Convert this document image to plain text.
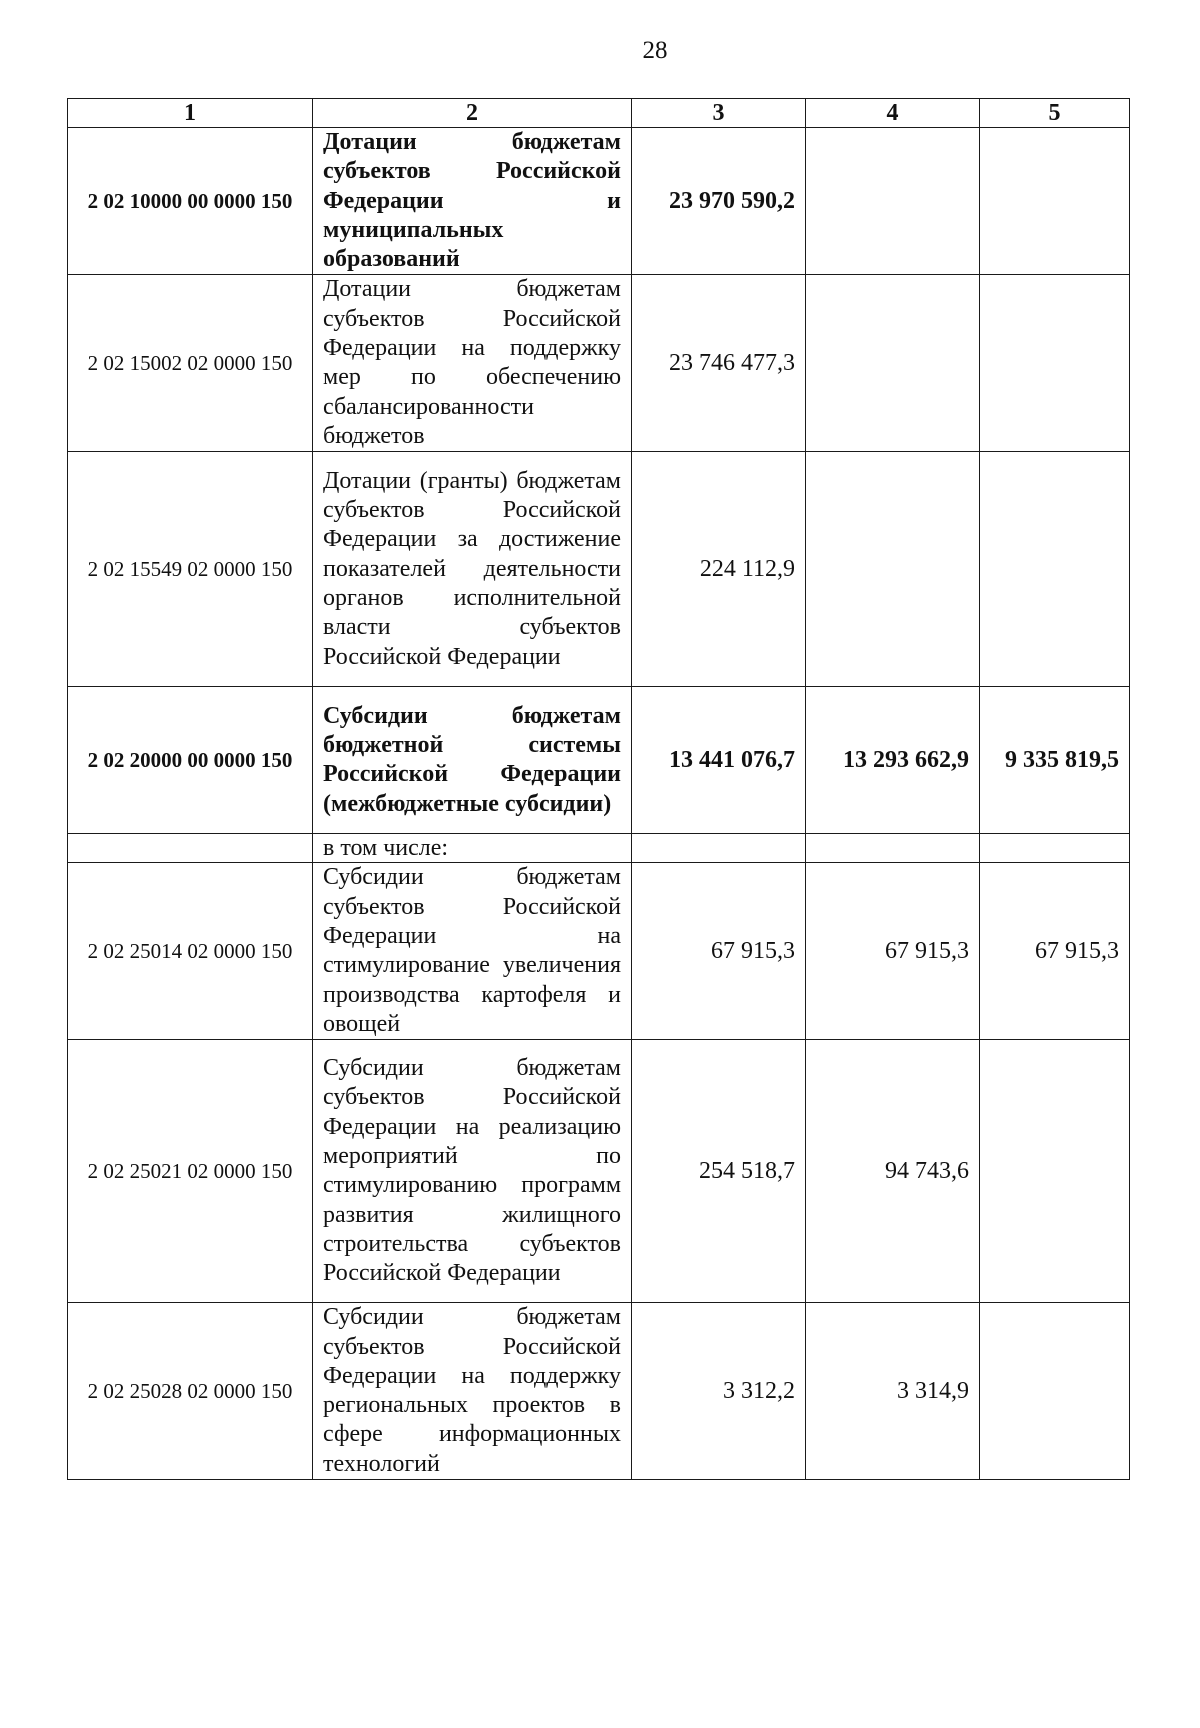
28
1	2	3	4	5
2 02 10000 00 0000 150	Дотации бюджетам субъектов Российской Федерации и муниципальных образований	23 970 590,2		
2 02 15002 02 0000 150	Дотации бюджетам субъектов Российской Федерации на поддержку мер по обеспечению сбалансированности бюджетов	23 746 477,3		
2 02 15549 02 0000 150	Дотации (гранты) бюджетам субъектов Российской Федерации за достижение показателей деятельности органов исполнительной власти субъектов Российской Федерации	224 112,9		
2 02 20000 00 0000 150	Субсидии бюджетам бюджетной системы Российской Федерации (межбюджетные субсидии)	13 441 076,7	13 293 662,9	9 335 819,5
	в том числе:			
2 02 25014 02 0000 150	Субсидии бюджетам субъектов Российской Федерации на стимулирование увеличения производства картофеля и овощей	67 915,3	67 915,3	67 915,3
2 02 25021 02 0000 150	Субсидии бюджетам субъектов Российской Федерации на реализацию мероприятий по стимулированию программ развития жилищного строительства субъектов Российской Федерации	254 518,7	94 743,6	
2 02 25028 02 0000 150	Субсидии бюджетам субъектов Российской Федерации на поддержку региональных проектов в сфере информационных технологий	3 312,2	3 314,9	
